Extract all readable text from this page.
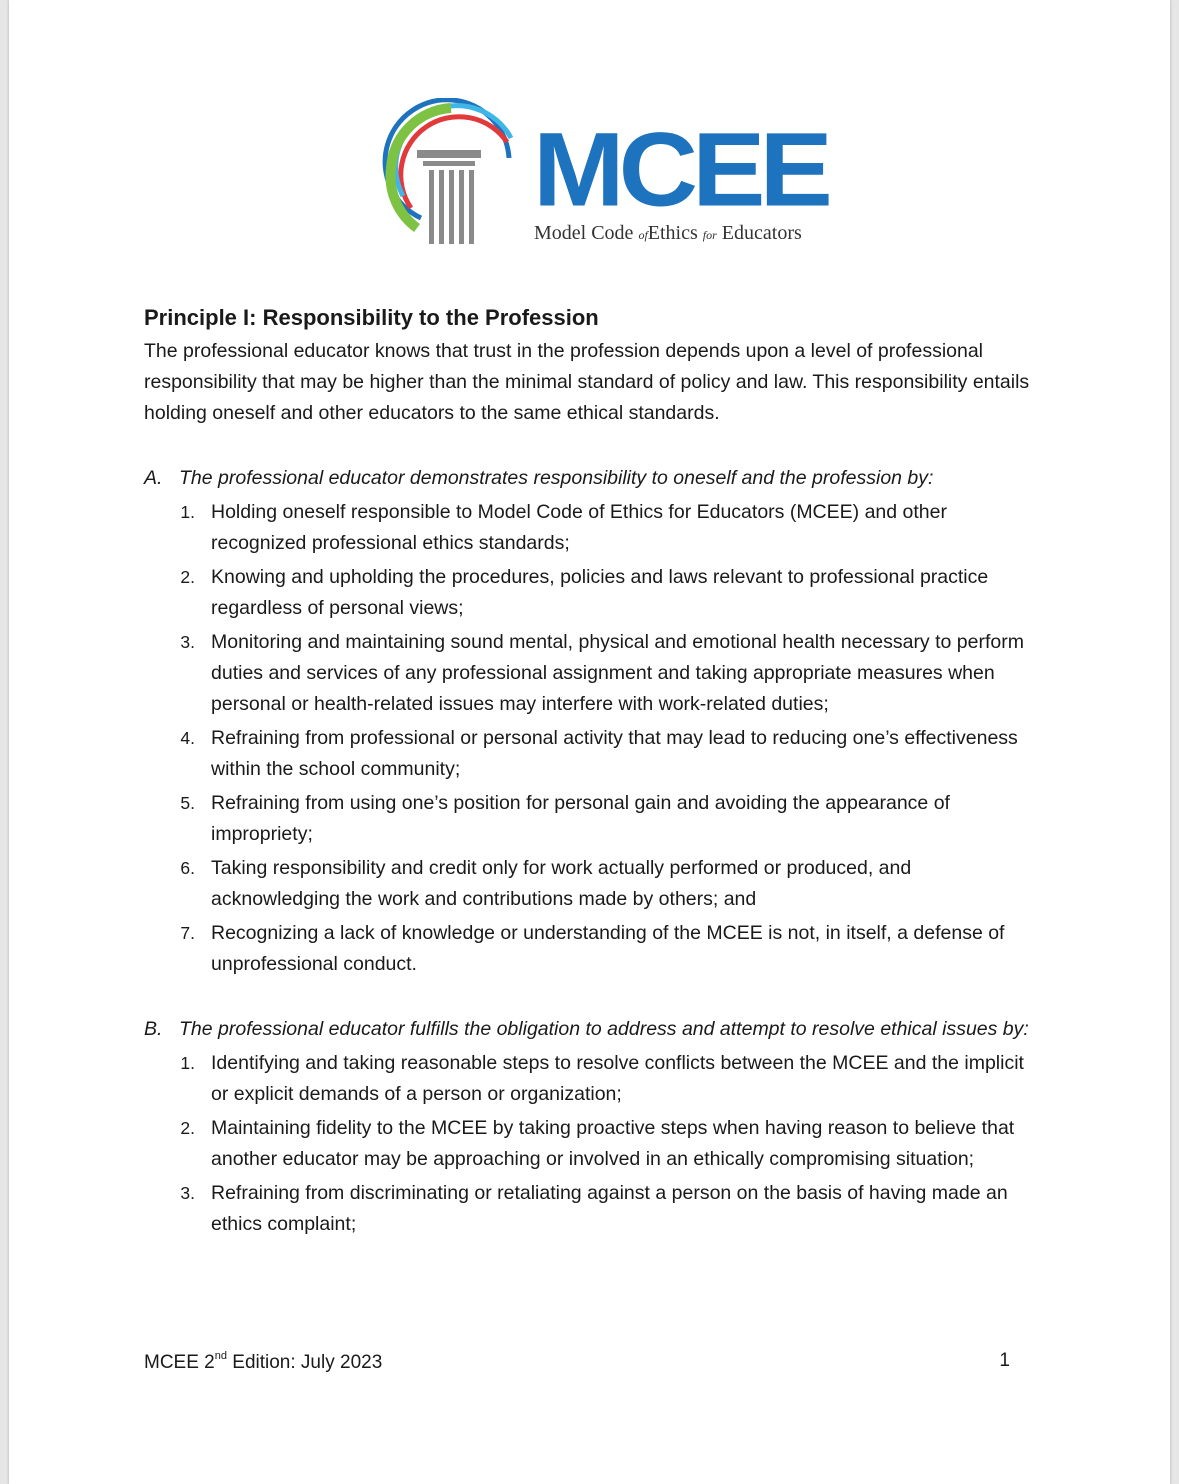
MCEE
Model Code ofEthics for Educators
Principle I: Responsibility to the Profession

The professional educator knows that trust in the profession depends upon a level of professional responsibility that may be higher than the minimal standard of policy and law. This responsibility entails holding oneself and other educators to the same ethical standards.

A. The professional educator demonstrates responsibility to oneself and the profession by:
1. Holding oneself responsible to Model Code of Ethics for Educators (MCEE) and other recognized professional ethics standards;
2. Knowing and upholding the procedures, policies and laws relevant to professional practice regardless of personal views;
3. Monitoring and maintaining sound mental, physical and emotional health necessary to perform duties and services of any professional assignment and taking appropriate measures when personal or health-related issues may interfere with work-related duties;
4. Refraining from professional or personal activity that may lead to reducing one’s effectiveness within the school community;
5. Refraining from using one’s position for personal gain and avoiding the appearance of impropriety;
6. Taking responsibility and credit only for work actually performed or produced, and acknowledging the work and contributions made by others; and
7. Recognizing a lack of knowledge or understanding of the MCEE is not, in itself, a defense of unprofessional conduct.
B. The professional educator fulfills the obligation to address and attempt to resolve ethical issues by:
1. Identifying and taking reasonable steps to resolve conflicts between the MCEE and the implicit or explicit demands of a person or organization;
2. Maintaining fidelity to the MCEE by taking proactive steps when having reason to believe that another educator may be approaching or involved in an ethically compromising situation;
3. Refraining from discriminating or retaliating against a person on the basis of having made an ethics complaint;
MCEE 2nd Edition: July 2023	1
